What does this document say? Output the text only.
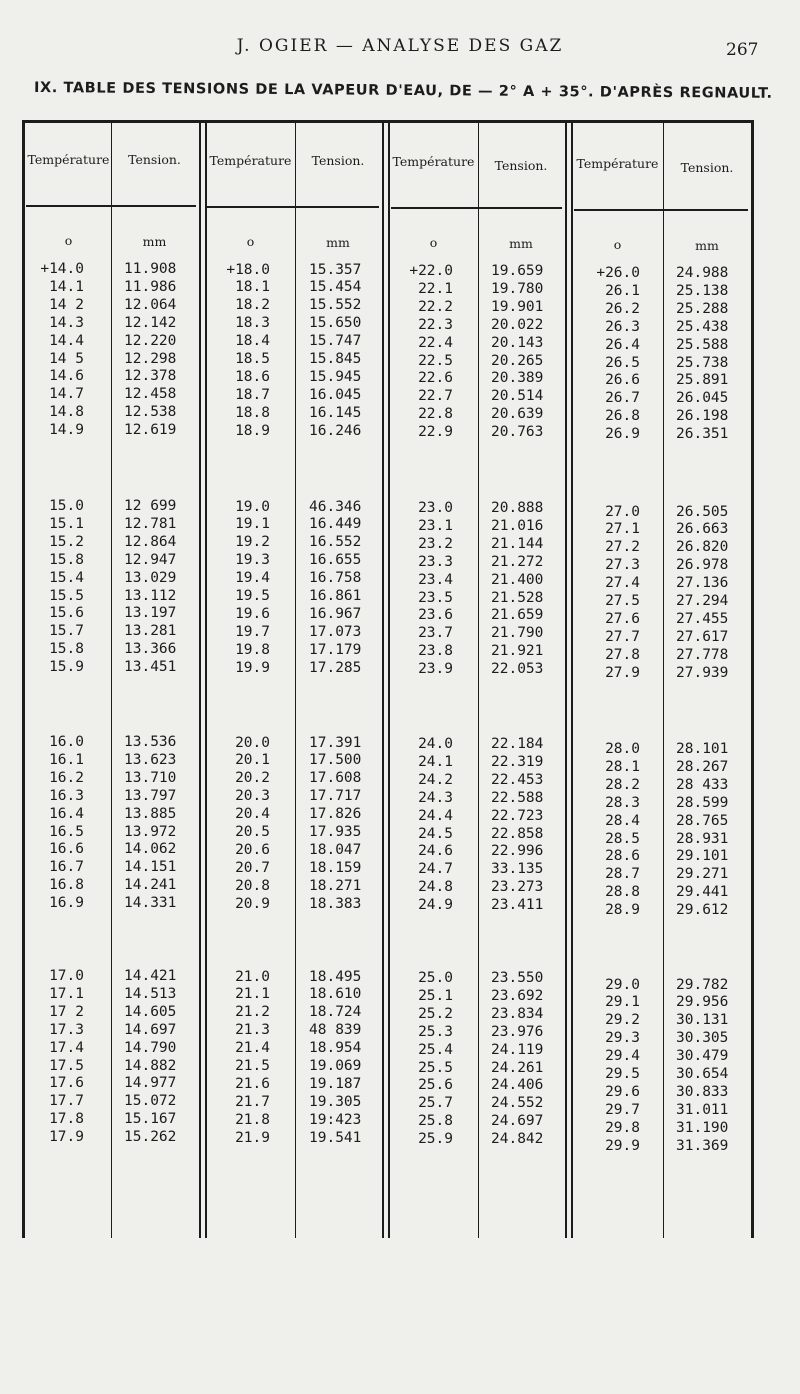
J. OGIER — ANALYSE DES GAZ	267
IX. TABLE DES TENSIONS DE LA VAPEUR D'EAU, DE — 2° A + 35°. D'APRÈS REGNAULT.
Température	Tension.
o	mm
+14.0	11.908
14.1	11.986
14 2	12.064
14.3	12.142
14.4	12.220
14 5	12.298
14.6	12.378
14.7	12.458
14.8	12.538
14.9	12.619
15.0	12 699
15.1	12.781
15.2	12.864
15.8	12.947
15.4	13.029
15.5	13.112
15.6	13.197
15.7	13.281
15.8	13.366
15.9	13.451
16.0	13.536
16.1	13.623
16.2	13.710
16.3	13.797
16.4	13.885
16.5	13.972
16.6	14.062
16.7	14.151
16.8	14.241
16.9	14.331
17.0	14.421
17.1	14.513
17 2	14.605
17.3	14.697
17.4	14.790
17.5	14.882
17.6	14.977
17.7	15.072
17.8	15.167
17.9	15.262
Température	Tension.
o	mm
+18.0	15.357
18.1	15.454
18.2	15.552
18.3	15.650
18.4	15.747
18.5	15.845
18.6	15.945
18.7	16.045
18.8	16.145
18.9	16.246
19.0	46.346
19.1	16.449
19.2	16.552
19.3	16.655
19.4	16.758
19.5	16.861
19.6	16.967
19.7	17.073
19.8	17.179
19.9	17.285
20.0	17.391
20.1	17.500
20.2	17.608
20.3	17.717
20.4	17.826
20.5	17.935
20.6	18.047
20.7	18.159
20.8	18.271
20.9	18.383
21.0	18.495
21.1	18.610
21.2	18.724
21.3	48 839
21.4	18.954
21.5	19.069
21.6	19.187
21.7	19.305
21.8	19:423
21.9	19.541
Température	Tension.
o	mm
+22.0	19.659
22.1	19.780
22.2	19.901
22.3	20.022
22.4	20.143
22.5	20.265
22.6	20.389
22.7	20.514
22.8	20.639
22.9	20.763
23.0	20.888
23.1	21.016
23.2	21.144
23.3	21.272
23.4	21.400
23.5	21.528
23.6	21.659
23.7	21.790
23.8	21.921
23.9	22.053
24.0	22.184
24.1	22.319
24.2	22.453
24.3	22.588
24.4	22.723
24.5	22.858
24.6	22.996
24.7	33.135
24.8	23.273
24.9	23.411
25.0	23.550
25.1	23.692
25.2	23.834
25.3	23.976
25.4	24.119
25.5	24.261
25.6	24.406
25.7	24.552
25.8	24.697
25.9	24.842
Température	Tension.
o	mm
+26.0 24.988
26.1 25.138
26.2 25.288
26.3 25.438
26.4 25.588
26.5 25.738
26.6 25.891
26.7 26.045
26.8 26.198
26.9 26.351
27.0 26.505
27.1 26.663
27.2 26.820
27.3 26.978
27.4 27.136
27.5 27.294
27.6 27.455
27.7 27.617
27.8 27.778
27.9 27.939
28.0 28.101
28.1 28.267
28.2 28 433
28.3 28.599
28.4 28.765
28.5 28.931
28.6 29.101
28.7 29.271
28.8 29.441
28.9 29.612
29.0 29.782
29.1 29.956
29.2 30.131
29.3 30.305
29.4 30.479
29.5 30.654
29.6 30.833
29.7 31.011
29.8 31.190
29.9 31.369
